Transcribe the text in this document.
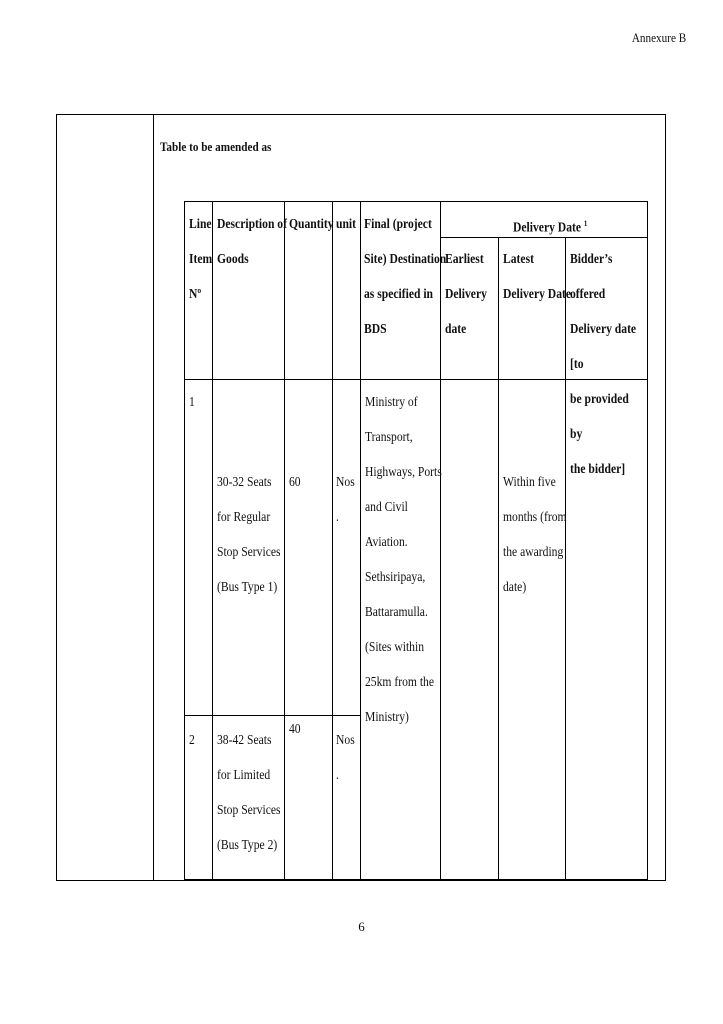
Annexure B
Table to be amended as
Line
Item
Nº
Description of
Goods
Quantity unit Final (project
Site) Destination
as specified in
BDS
Delivery Date $^1$
Earliest
Delivery
date
Latest
Delivery Date
Bidder’s offered
Delivery date [to
be provided by
the bidder]
1
30-32 Seats
for Regular
Stop Services
(Bus Type 1)
60	Nos
.
Ministry of
Transport,
Highways, Ports
and Civil
Aviation.
Sethsiripaya,
Battaramulla.
(Sites within
25km from the
Ministry)
Within five
months (from
the awarding
date)
2 38-42 Seats
for Limited
Stop Services
(Bus Type 2)
40
Nos
.
6
